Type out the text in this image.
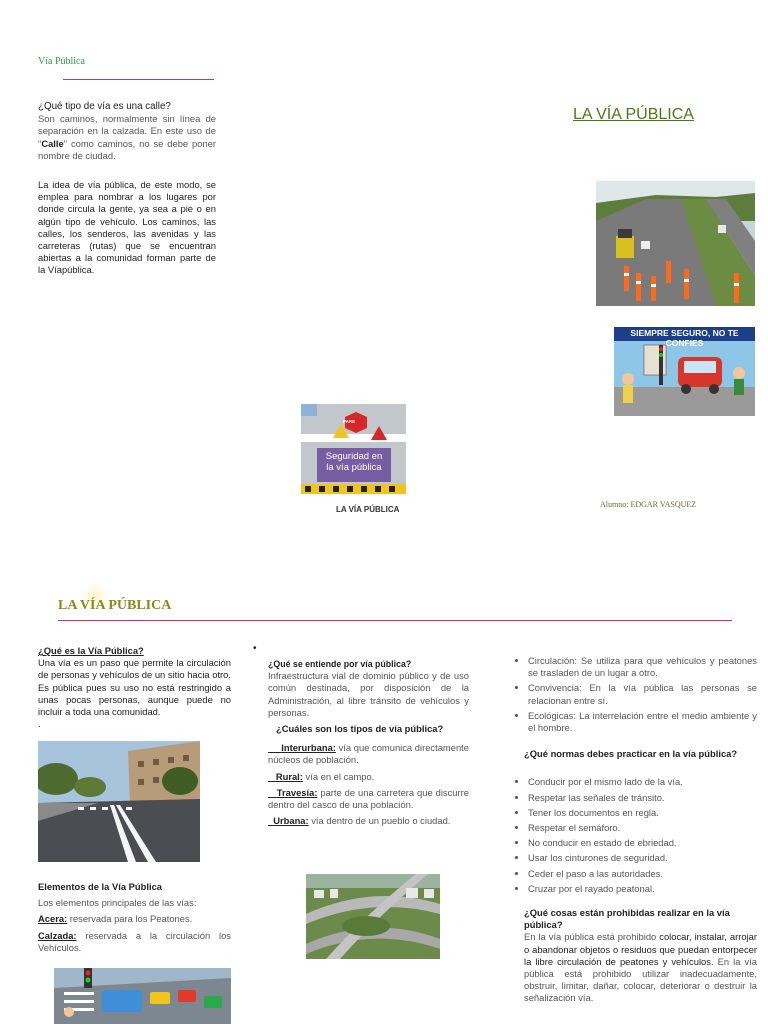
Vía Pública

¿Qué tipo de vía es una calle?

Son caminos, normalmente sin línea de separación en la calzada. En este uso de "Calle" como caminos, no se debe poner nombre de ciudad.

La idea de vía pública, de este modo, se emplea para nombrar a los lugares por donde circula la gente, ya sea a pie o en algún tipo de vehículo. Los caminos, las calles, los senderos, las avenidas y las carreteras (rutas) que se encuentran abiertas a la comunidad forman parte de la Víapública.
LA VÍA PÚBLICA
SIEMPRE SEGURO, NO TE CONFIES
PARE
Seguridad en la vía pública
LA VÍA PÚBLICA
Alumno: EDGAR VASQUEZ
LA VÍA PÚBLICA

¿Qué es la Vía Pública?

Una vía es un paso que permite la circulación de personas y vehículos de un sitio hacia otro. Es pública pues su uso no está restringido a unas pocas personas, aunque puede no incluir a toda una comunidad.

.

Elementos de la Vía Pública

Los elementos principales de las vías:

Acera: reservada para los Peatones.

Calzada: reservada a la circulación los Vehículos.

•

¿Qué se entiende por vía pública?

Infraestructura vial de dominio público y de uso común destinada, por disposición de la Administración, al libre tránsito de vehículos y personas.

¿Cuáles son los tipos de vía pública?

Interurbana: vía que comunica directamente núcleos de población.

Rural: vía en el campo.

Travesía: parte de una carretera que discurre dentro del casco de una población.

Urbana: vía dentro de un pueblo o ciudad.

• Circulación: Se utiliza para que vehículos y peatones se trasladen de un lugar a otro.
• Convivencia: En la vía pública las personas se relacionan entre sí.
• Ecológicas: La interrelación entre el medio ambiente y el hombre.

¿Qué normas debes practicar en la vía pública?

• Conducir por el mismo lado de la vía.
• Respetar las señales de tránsito.
• Tener los documentos en regla.
• Respetar el semáforo.
• No conducir en estado de ebriedad.
• Usar los cinturones de seguridad.
• Ceder el paso a las autoridades.
• Cruzar por el rayado peatonal.

¿Qué cosas están prohibidas realizar en la vía pública?

En la vía pública está prohibido colocar, instalar, arrojar o abandonar objetos o residuos que puedan entorpecer la libre circulación de peatones y vehículos. En la vía pública está prohibido utilizar inadecuadamente, obstruir, limitar, dañar, colocar, deteriorar o destruir la señalización vía.
